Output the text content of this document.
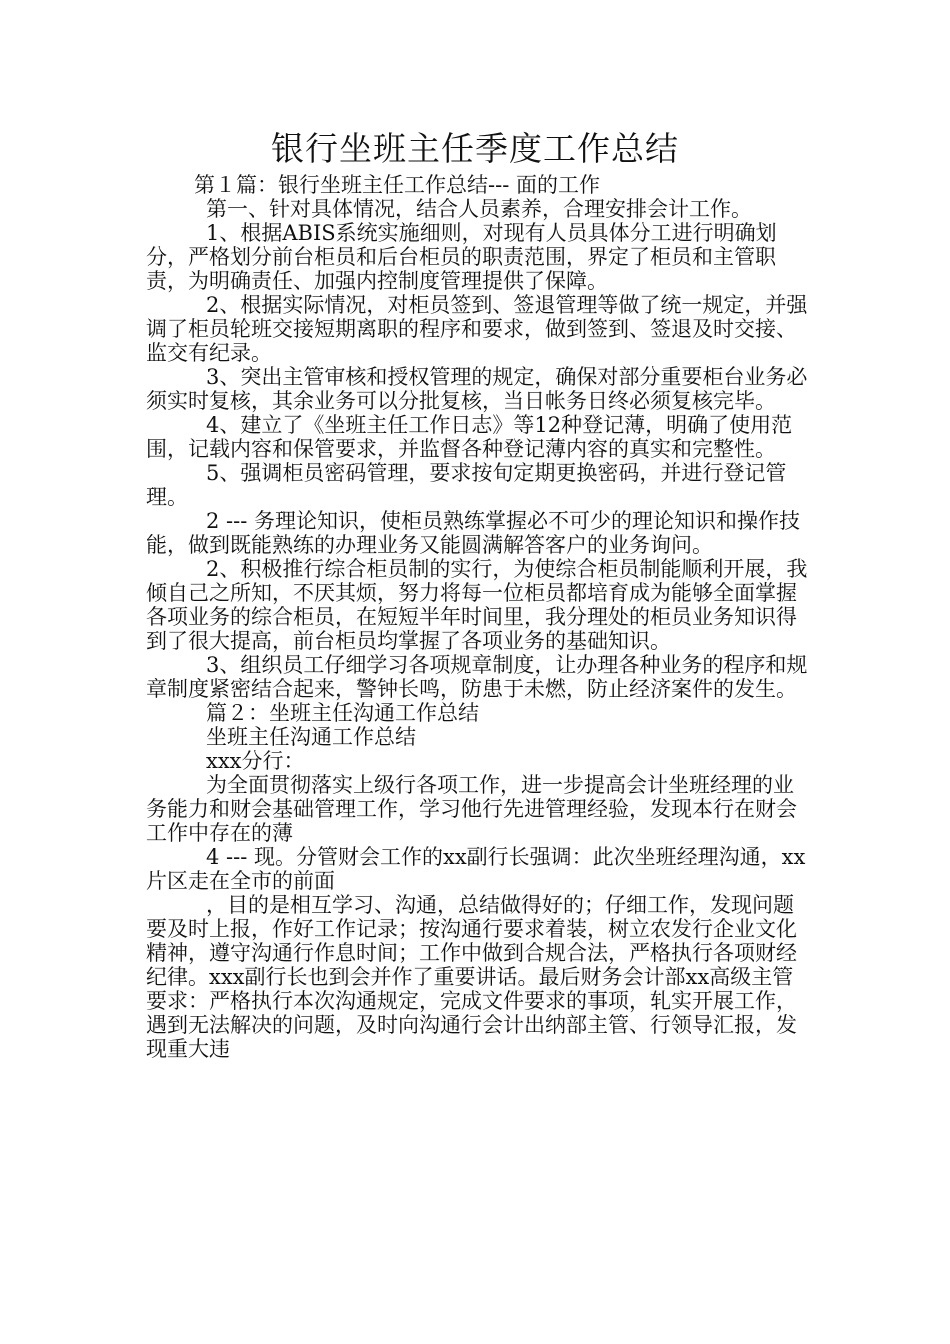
银行坐班主任季度工作总结

第１篇：银行坐班主任工作总结--- 面的工作

第一、针对具体情况，结合人员素养，合理安排会计工作。

1、根据ABIS系统实施细则，对现有人员具体分工进行明确划分，严格划分前台柜员和后台柜员的职责范围，界定了柜员和主管职责，为明确责任、加强内控制度管理提供了保障。

2、根据实际情况，对柜员签到、签退管理等做了统一规定，并强调了柜员轮班交接短期离职的程序和要求，做到签到、签退及时交接、监交有纪录。

3、突出主管审核和授权管理的规定，确保对部分重要柜台业务必须实时复核，其余业务可以分批复核，当日帐务日终必须复核完毕。

4、建立了《坐班主任工作日志》等12种登记薄，明确了使用范围，记载内容和保管要求，并监督各种登记薄内容的真实和完整性。

5、强调柜员密码管理，要求按旬定期更换密码，并进行登记管理。

2 --- 务理论知识，使柜员熟练掌握必不可少的理论知识和操作技能，做到既能熟练的办理业务又能圆满解答客户的业务询问。

2、积极推行综合柜员制的实行，为使综合柜员制能顺利开展，我倾自己之所知，不厌其烦，努力将每一位柜员都培育成为能够全面掌握各项业务的综合柜员，在短短半年时间里，我分理处的柜员业务知识得到了很大提高，前台柜员均掌握了各项业务的基础知识。

3、组织员工仔细学习各项规章制度，让办理各种业务的程序和规章制度紧密结合起来，警钟长鸣，防患于未燃，防止经济案件的发生。

篇２：坐班主任沟通工作总结

坐班主任沟通工作总结

xxx分行：

为全面贯彻落实上级行各项工作，进一步提高会计坐班经理的业务能力和财会基础管理工作，学习他行先进管理经验，发现本行在财会工作中存在的薄

4 --- 现。分管财会工作的xx副行长强调：此次坐班经理沟通，xx片区走在全市的前面

，目的是相互学习、沟通，总结做得好的；仔细工作，发现问题要及时上报，作好工作记录；按沟通行要求着装，树立农发行企业文化精神，遵守沟通行作息时间；工作中做到合规合法，严格执行各项财经纪律。xxx副行长也到会并作了重要讲话。最后财务会计部xx高级主管要求：严格执行本次沟通规定，完成文件要求的事项，轧实开展工作，遇到无法解决的问题，及时向沟通行会计出纳部主管、行领导汇报，发现重大违
